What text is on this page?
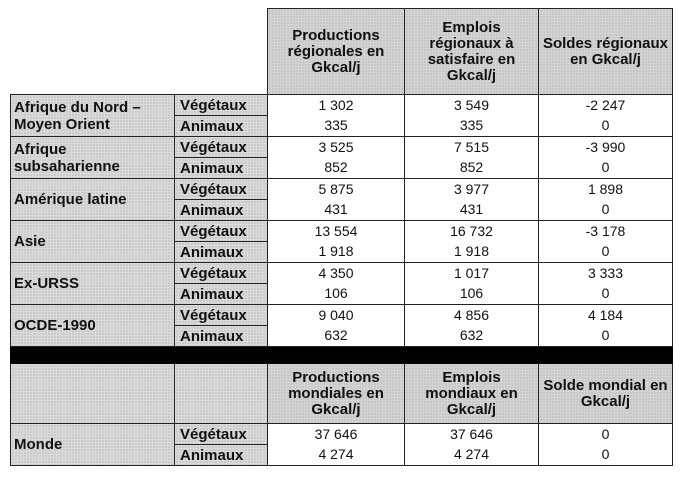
		Productions régionales en Gkcal/j	Emplois régionaux à satisfaire en Gkcal/j	Soldes régionaux en Gkcal/j
Afrique du Nord – Moyen Orient	Végétaux	1 302	3 549	-2 247
	Animaux	335	335	0
Afrique subsaharienne	Végétaux	3 525	7 515	-3 990
	Animaux	852	852	0
Amérique latine	Végétaux	5 875	3 977	1 898
	Animaux	431	431	0
Asie	Végétaux	13 554	16 732	-3 178
	Animaux	1 918	1 918	0
Ex-URSS	Végétaux	4 350	1 017	3 333
	Animaux	106	106	0
OCDE-1990	Végétaux	9 040	4 856	4 184
	Animaux	632	632	0

		Productions mondiales en Gkcal/j	Emplois mondiaux en Gkcal/j	Solde mondial en Gkcal/j
Monde	Végétaux	37 646	37 646	0
	Animaux	4 274	4 274	0
